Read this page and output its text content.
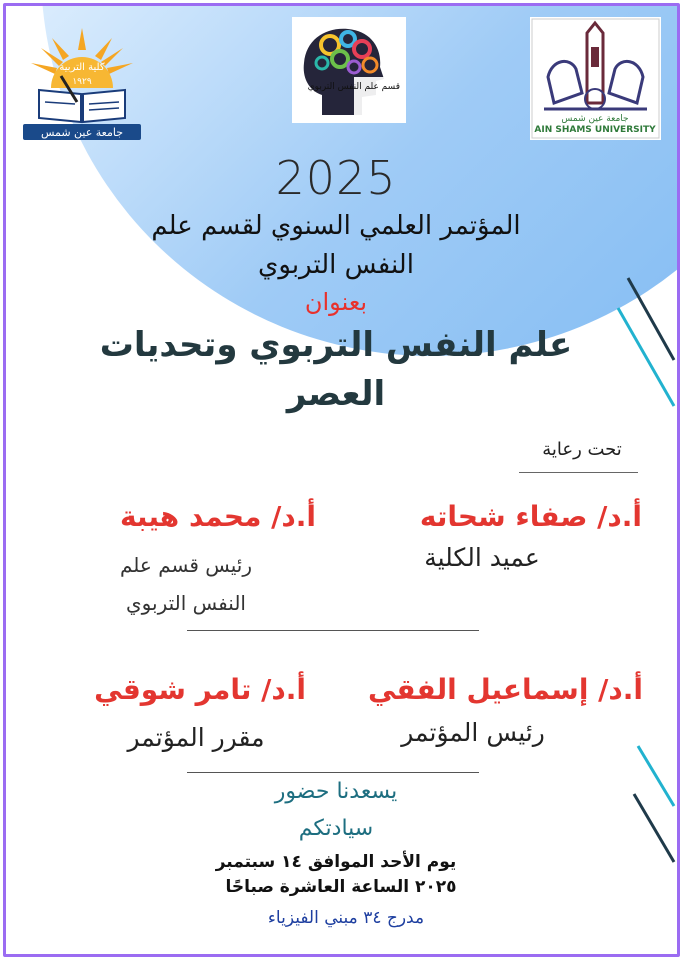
كلية التربية
١٩٢٩
جامعة عين شمس
قسم علم النفس التربوي
جامعة عين شمس
AIN SHAMS UNIVERSITY
2025
المؤتمر العلمي السنوي لقسم علم
النفس التربوي
بعنوان
علم النفس التربوي وتحديات
العصر
تحت رعاية
أ.د/ صفاء شحاته
عميد الكلية
أ.د/ محمد هيبة
رئيس قسم علم
النفس التربوي
أ.د/ إسماعيل الفقي
رئيس المؤتمر
أ.د/ تامر شوقي
مقرر المؤتمر
يسعدنا حضور
سيادتكم
يوم الأحد الموافق ١٤ سبتمبر
٢٠٢٥ الساعة العاشرة صباحًا
مدرج ٣٤ مبني الفيزياء
